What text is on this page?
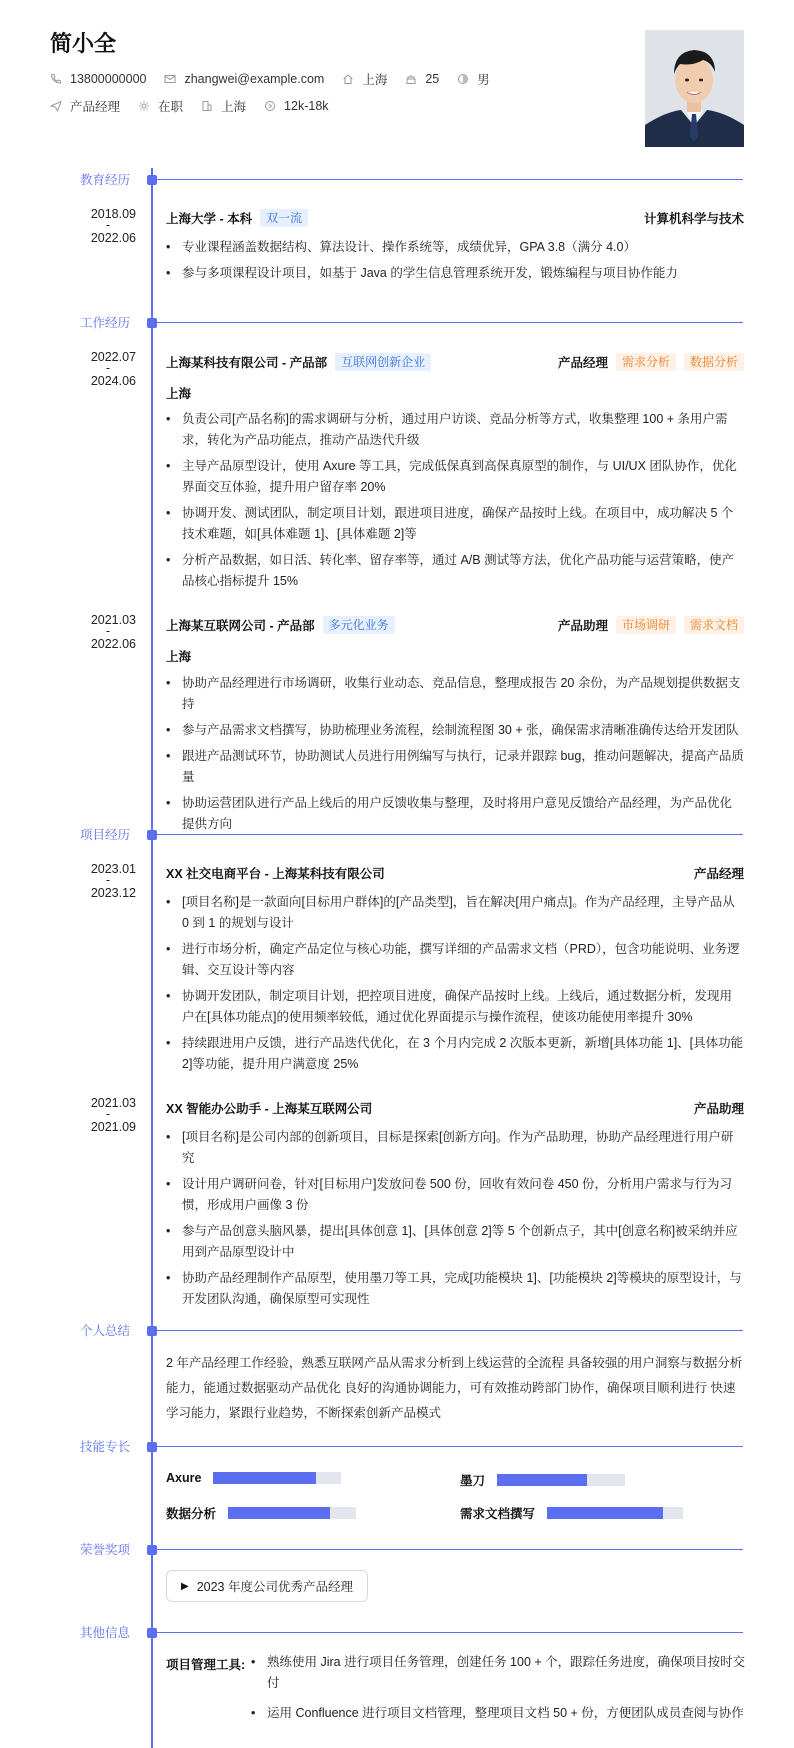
简小全
13800000000	zhangwei@example.com	上海	25	男
产品经理	在职	上海	12k-18k
教育经历
2018.09
-
2022.06
上海大学 - 本科	双一流	计算机科学与技术
• 专业课程涵盖数据结构、算法设计、操作系统等，成绩优异，GPA 3.8（满分 4.0）
• 参与多项课程设计项目，如基于 Java 的学生信息管理系统开发，锻炼编程与项目协作能力
工作经历
2022.07
-
2024.06
上海某科技有限公司 - 产品部	互联网创新企业	产品经理	需求分析	数据分析
上海
• 负责公司[产品名称]的需求调研与分析，通过用户访谈、竞品分析等方式，收集整理 100 + 条用户需求，转化为产品功能点，推动产品迭代升级
• 主导产品原型设计，使用 Axure 等工具，完成低保真到高保真原型的制作，与 UI/UX 团队协作，优化界面交互体验，提升用户留存率 20%
• 协调开发、测试团队，制定项目计划，跟进项目进度，确保产品按时上线。在项目中，成功解决 5 个技术难题，如[具体难题 1]、[具体难题 2]等
• 分析产品数据，如日活、转化率、留存率等，通过 A/B 测试等方法，优化产品功能与运营策略，使产品核心指标提升 15%
2021.03
-
2022.06
上海某互联网公司 - 产品部	多元化业务	产品助理	市场调研	需求文档
上海
• 协助产品经理进行市场调研，收集行业动态、竞品信息，整理成报告 20 余份，为产品规划提供数据支持
• 参与产品需求文档撰写，协助梳理业务流程，绘制流程图 30 + 张，确保需求清晰准确传达给开发团队
• 跟进产品测试环节，协助测试人员进行用例编写与执行，记录并跟踪 bug，推动问题解决，提高产品质量
• 协助运营团队进行产品上线后的用户反馈收集与整理，及时将用户意见反馈给产品经理，为产品优化提供方向
项目经历
2023.01
-
2023.12
XX 社交电商平台 - 上海某科技有限公司	产品经理
• [项目名称]是一款面向[目标用户群体]的[产品类型]，旨在解决[用户痛点]。作为产品经理，主导产品从 0 到 1 的规划与设计
• 进行市场分析，确定产品定位与核心功能，撰写详细的产品需求文档（PRD），包含功能说明、业务逻辑、交互设计等内容
• 协调开发团队，制定项目计划，把控项目进度，确保产品按时上线。上线后，通过数据分析，发现用户在[具体功能点]的使用频率较低，通过优化界面提示与操作流程，使该功能使用率提升 30%
• 持续跟进用户反馈，进行产品迭代优化，在 3 个月内完成 2 次版本更新，新增[具体功能 1]、[具体功能 2]等功能，提升用户满意度 25%
2021.03
-
2021.09
XX 智能办公助手 - 上海某互联网公司	产品助理
• [项目名称]是公司内部的创新项目，目标是探索[创新方向]。作为产品助理，协助产品经理进行用户研究
• 设计用户调研问卷，针对[目标用户]发放问卷 500 份，回收有效问卷 450 份，分析用户需求与行为习惯，形成用户画像 3 份
• 参与产品创意头脑风暴，提出[具体创意 1]、[具体创意 2]等 5 个创新点子，其中[创意名称]被采纳并应用到产品原型设计中
• 协助产品经理制作产品原型，使用墨刀等工具，完成[功能模块 1]、[功能模块 2]等模块的原型设计，与开发团队沟通，确保原型可实现性
个人总结
2 年产品经理工作经验，熟悉互联网产品从需求分析到上线运营的全流程 具备较强的用户洞察与数据分析能力，能通过数据驱动产品优化 良好的沟通协调能力，可有效推动跨部门协作，确保项目顺利进行 快速学习能力，紧跟行业趋势，不断探索创新产品模式
技能专长
Axure	墨刀
数据分析	需求文档撰写
荣誉奖项
▶ 2023 年度公司优秀产品经理
其他信息
项目管理工具:
•	熟练使用 Jira 进行项目任务管理，创建任务 100 + 个，跟踪任务进度，确保项目按时交付
• 运用 Confluence 进行项目文档管理，整理项目文档 50 + 份，方便团队成员查阅与协作
